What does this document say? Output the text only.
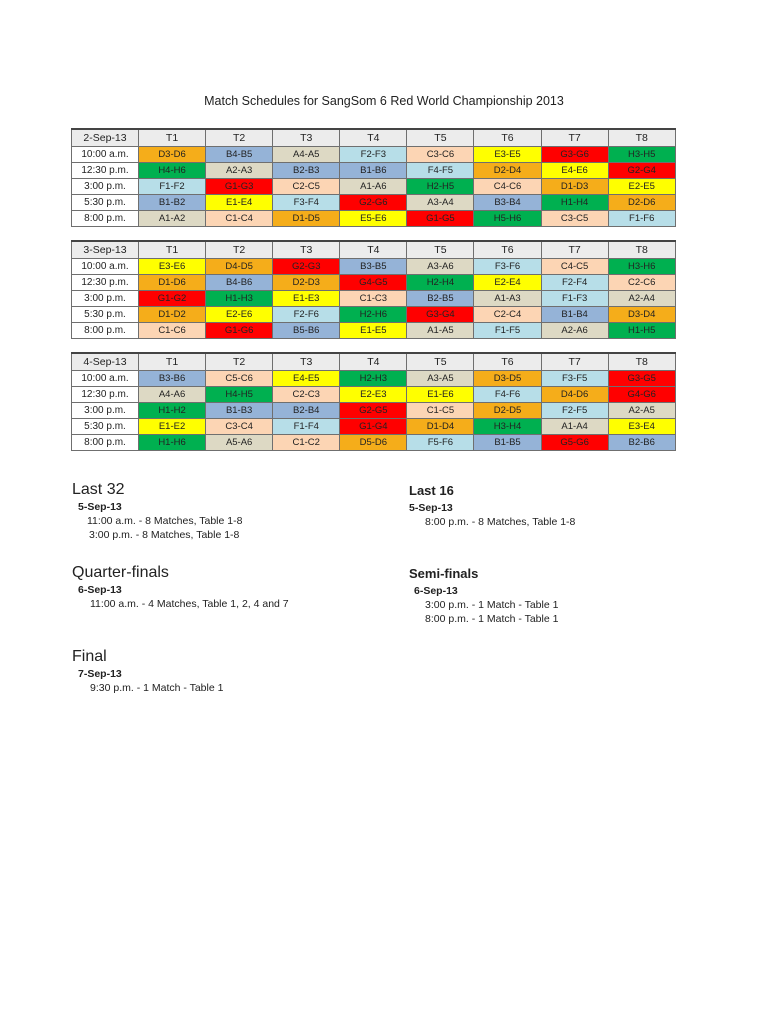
Match Schedules for SangSom 6 Red World Championship 2013
2-Sep-13	T1	T2	T3	T4	T5	T6	T7	T8
10:00 a.m.	D3-D6	B4-B5	A4-A5	F2-F3	C3-C6	E3-E5	G3-G6	H3-H5
12:30 p.m.	H4-H6	A2-A3	B2-B3	B1-B6	F4-F5	D2-D4	E4-E6	G2-G4
3:00 p.m.	F1-F2	G1-G3	C2-C5	A1-A6	H2-H5	C4-C6	D1-D3	E2-E5
5:30 p.m.	B1-B2	E1-E4	F3-F4	G2-G6	A3-A4	B3-B4	H1-H4	D2-D6
8:00 p.m.	A1-A2	C1-C4	D1-D5	E5-E6	G1-G5	H5-H6	C3-C5	F1-F6
3-Sep-13	T1	T2	T3	T4	T5	T6	T7	T8
10:00 a.m.	E3-E6	D4-D5	G2-G3	B3-B5	A3-A6	F3-F6	C4-C5	H3-H6
12:30 p.m.	D1-D6	B4-B6	D2-D3	G4-G5	H2-H4	E2-E4	F2-F4	C2-C6
3:00 p.m.	G1-G2	H1-H3	E1-E3	C1-C3	B2-B5	A1-A3	F1-F3	A2-A4
5:30 p.m.	D1-D2	E2-E6	F2-F6	H2-H6	G3-G4	C2-C4	B1-B4	D3-D4
8:00 p.m.	C1-C6	G1-G6	B5-B6	E1-E5	A1-A5	F1-F5	A2-A6	H1-H5
4-Sep-13	T1	T2	T3	T4	T5	T6	T7	T8
10:00 a.m.	B3-B6	C5-C6	E4-E5	H2-H3	A3-A5	D3-D5	F3-F5	G3-G5
12:30 p.m.	A4-A6	H4-H5	C2-C3	E2-E3	E1-E6	F4-F6	D4-D6	G4-G6
3:00 p.m.	H1-H2	B1-B3	B2-B4	G2-G5	C1-C5	D2-D5	F2-F5	A2-A5
5:30 p.m.	E1-E2	C3-C4	F1-F4	G1-G4	D1-D4	H3-H4	A1-A4	E3-E4
8:00 p.m.	H1-H6	A5-A6	C1-C2	D5-D6	F5-F6	B1-B5	G5-G6	B2-B6
Last 32
5-Sep-13
11:00 a.m. - 8 Matches, Table 1-8
3:00 p.m. - 8 Matches, Table 1-8
Last 16
5-Sep-13
8:00 p.m. - 8 Matches, Table 1-8
Quarter-finals
6-Sep-13
11:00 a.m. - 4 Matches, Table 1, 2, 4 and 7
Semi-finals
6-Sep-13
3:00 p.m. - 1 Match - Table 1
8:00 p.m. - 1 Match - Table 1
Final
7-Sep-13
9:30 p.m. - 1 Match - Table 1
